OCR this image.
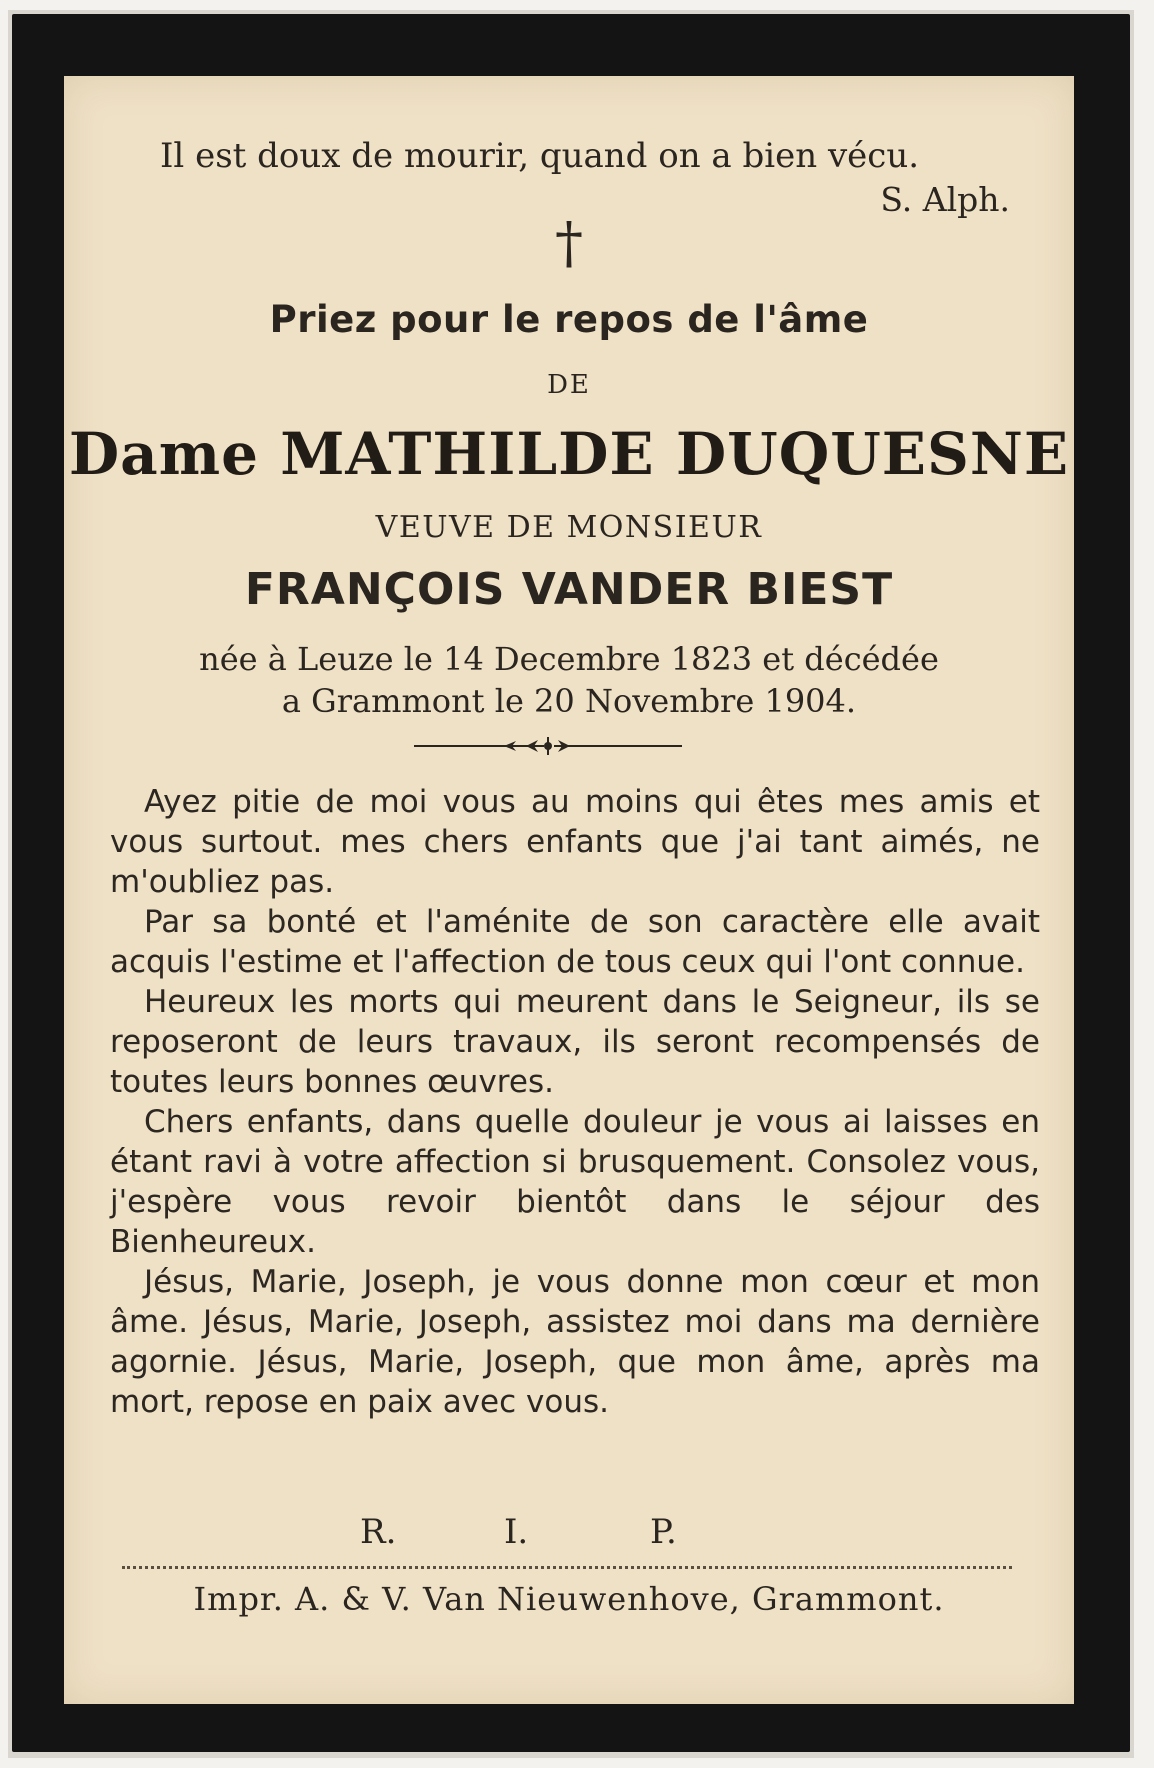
Il est doux de mourir, quand on a bien vécu.
S. Alph.
†
Priez pour le repos de l'âme
DE
Dame MATHILDE DUQUESNE
VEUVE DE MONSIEUR
FRANÇOIS VANDER BIEST
née à Leuze le 14 Decembre 1823 et décédée
a Grammont le 20 Novembre 1904.

Ayez pitie de moi vous au moins qui êtes mes amis et vous surtout. mes chers enfants que j'ai tant aimés, ne m'oubliez pas.

Par sa bonté et l'aménite de son caractère elle avait acquis l'estime et l'affection de tous ceux qui l'ont connue.

Heureux les morts qui meurent dans le Seigneur, ils se reposeront de leurs travaux, ils seront recompensés de toutes leurs bonnes œuvres.

Chers enfants, dans quelle douleur je vous ai laisses en étant ravi à votre affection si brusquement. Consolez vous, j'espère vous revoir bientôt dans le séjour des Bienheureux.

Jésus, Marie, Joseph, je vous donne mon cœur et mon âme. Jésus, Marie, Joseph, assistez moi dans ma dernière agornie. Jésus, Marie, Joseph, que mon âme, après ma mort, repose en paix avec vous.

R.	I.	P.
Impr. A. & V. Van Nieuwenhove, Grammont.
